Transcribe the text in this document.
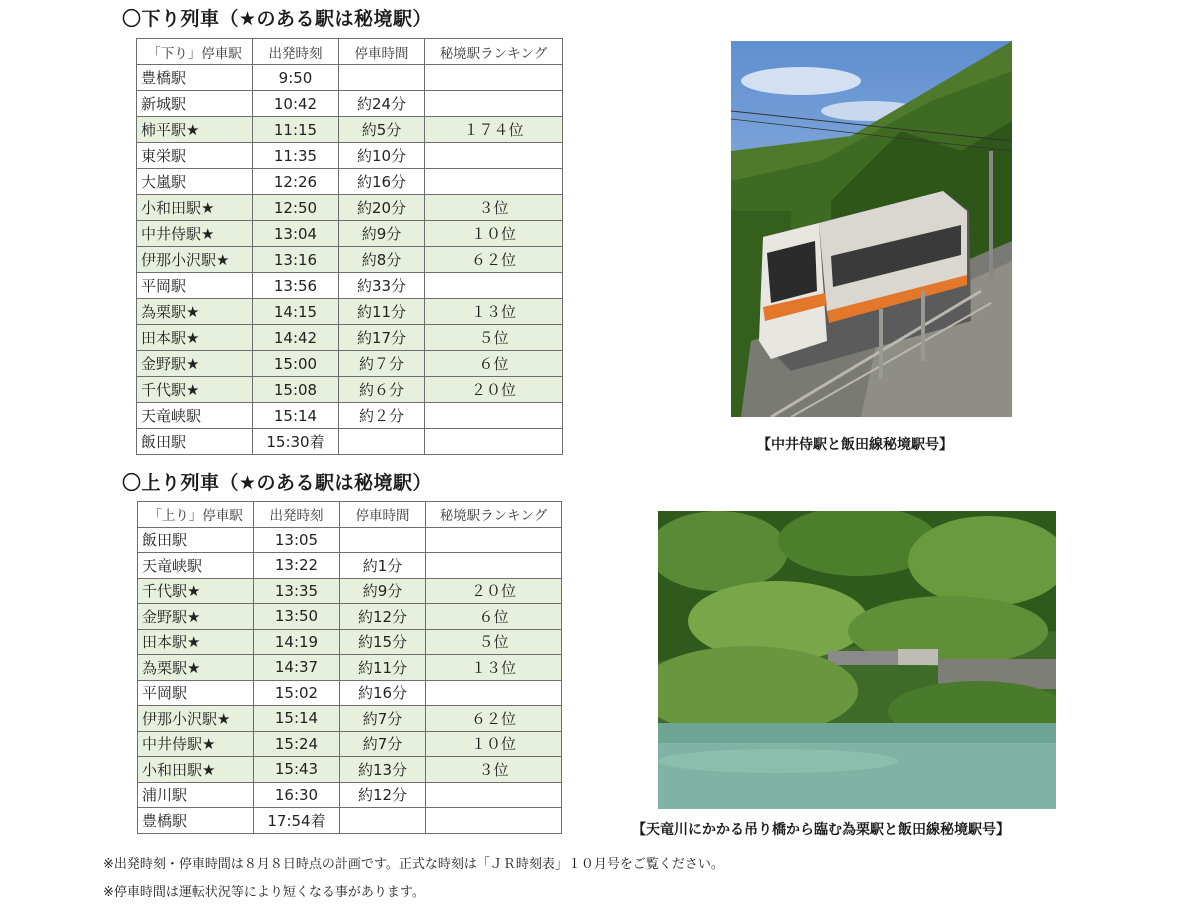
〇下り列車（★のある駅は秘境駅）
「下り」停車駅	出発時刻	停車時間	秘境駅ランキング
豊橋駅	9:50		
新城駅	10:42	約24分	
柿平駅★	11:15	約5分	１７４位
東栄駅	11:35	約10分	
大嵐駅	12:26	約16分	
小和田駅★	12:50	約20分	３位
中井侍駅★	13:04	約9分	１０位
伊那小沢駅★	13:16	約8分	６２位
平岡駅	13:56	約33分	
為栗駅★	14:15	約11分	１３位
田本駅★	14:42	約17分	５位
金野駅★	15:00	約７分	６位
千代駅★	15:08	約６分	２０位
天竜峡駅	15:14	約２分	
飯田駅	15:30着		
〇上り列車（★のある駅は秘境駅）
「上り」停車駅	出発時刻	停車時間	秘境駅ランキング
飯田駅	13:05		
天竜峡駅	13:22	約1分	
千代駅★	13:35	約9分	２０位
金野駅★	13:50	約12分	６位
田本駅★	14:19	約15分	５位
為栗駅★	14:37	約11分	１３位
平岡駅	15:02	約16分	
伊那小沢駅★	15:14	約7分	６２位
中井侍駅★	15:24	約7分	１０位
小和田駅★	15:43	約13分	３位
浦川駅	16:30	約12分	
豊橋駅	17:54着		
【中井侍駅と飯田線秘境駅号】
【天竜川にかかる吊り橋から臨む為栗駅と飯田線秘境駅号】
※出発時刻・停車時間は８月８日時点の計画です。正式な時刻は「ＪＲ時刻表」１０月号をご覧ください。
※停車時間は運転状況等により短くなる事があります。
